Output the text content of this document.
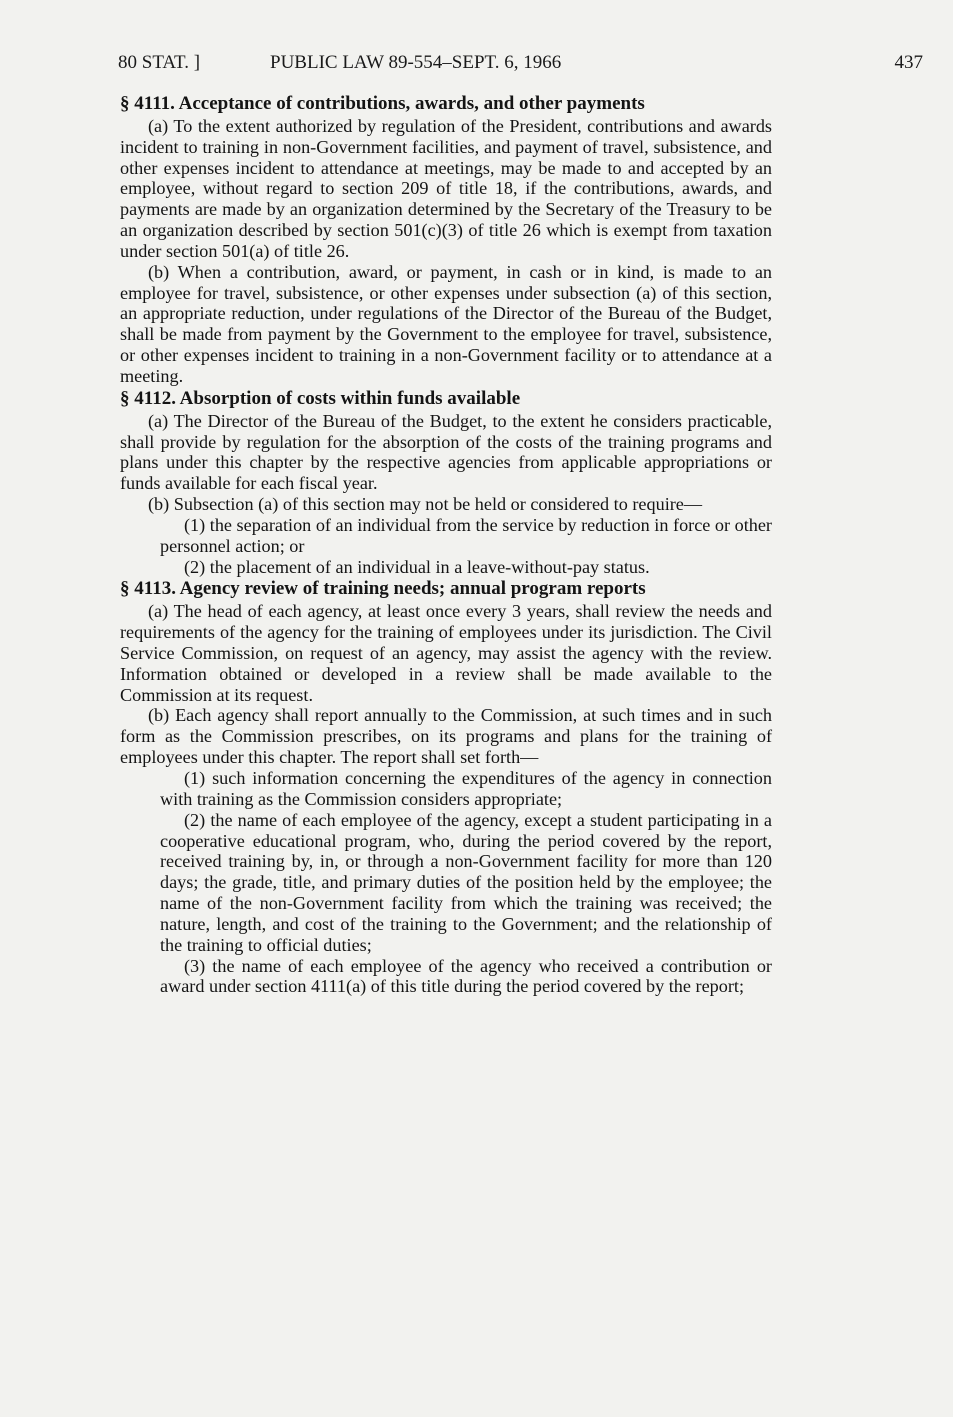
80 STAT. ]	PUBLIC LAW 89-554–SEPT. 6, 1966	437
§ 4111. Acceptance of contributions, awards, and other payments

(a) To the extent authorized by regulation of the President, contributions and awards incident to training in non-Government facilities, and payment of travel, subsistence, and other expenses incident to attendance at meetings, may be made to and accepted by an employee, without regard to section 209 of title 18, if the contributions, awards, and payments are made by an organization determined by the Secretary of the Treasury to be an organization described by section 501(c)(3) of title 26 which is exempt from taxation under section 501(a) of title 26.

(b) When a contribution, award, or payment, in cash or in kind, is made to an employee for travel, subsistence, or other expenses under subsection (a) of this section, an appropriate reduction, under regulations of the Director of the Bureau of the Budget, shall be made from payment by the Government to the employee for travel, subsistence, or other expenses incident to training in a non-Government facility or to attendance at a meeting.

§ 4112. Absorption of costs within funds available

(a) The Director of the Bureau of the Budget, to the extent he considers practicable, shall provide by regulation for the absorption of the costs of the training programs and plans under this chapter by the respective agencies from applicable appropriations or funds available for each fiscal year.

(b) Subsection (a) of this section may not be held or considered to require—

(1) the separation of an individual from the service by reduction in force or other personnel action; or

(2) the placement of an individual in a leave-without-pay status.

§ 4113. Agency review of training needs; annual program reports

(a) The head of each agency, at least once every 3 years, shall review the needs and requirements of the agency for the training of employees under its jurisdiction. The Civil Service Commission, on request of an agency, may assist the agency with the review. Information obtained or developed in a review shall be made available to the Commission at its request.

(b) Each agency shall report annually to the Commission, at such times and in such form as the Commission prescribes, on its programs and plans for the training of employees under this chapter. The report shall set forth—

(1) such information concerning the expenditures of the agency in connection with training as the Commission considers appropriate;

(2) the name of each employee of the agency, except a student participating in a cooperative educational program, who, during the period covered by the report, received training by, in, or through a non-Government facility for more than 120 days; the grade, title, and primary duties of the position held by the employee; the name of the non-Government facility from which the training was received; the nature, length, and cost of the training to the Government; and the relationship of the training to official duties;

(3) the name of each employee of the agency who received a contribution or award under section 4111(a) of this title during the period covered by the report;
